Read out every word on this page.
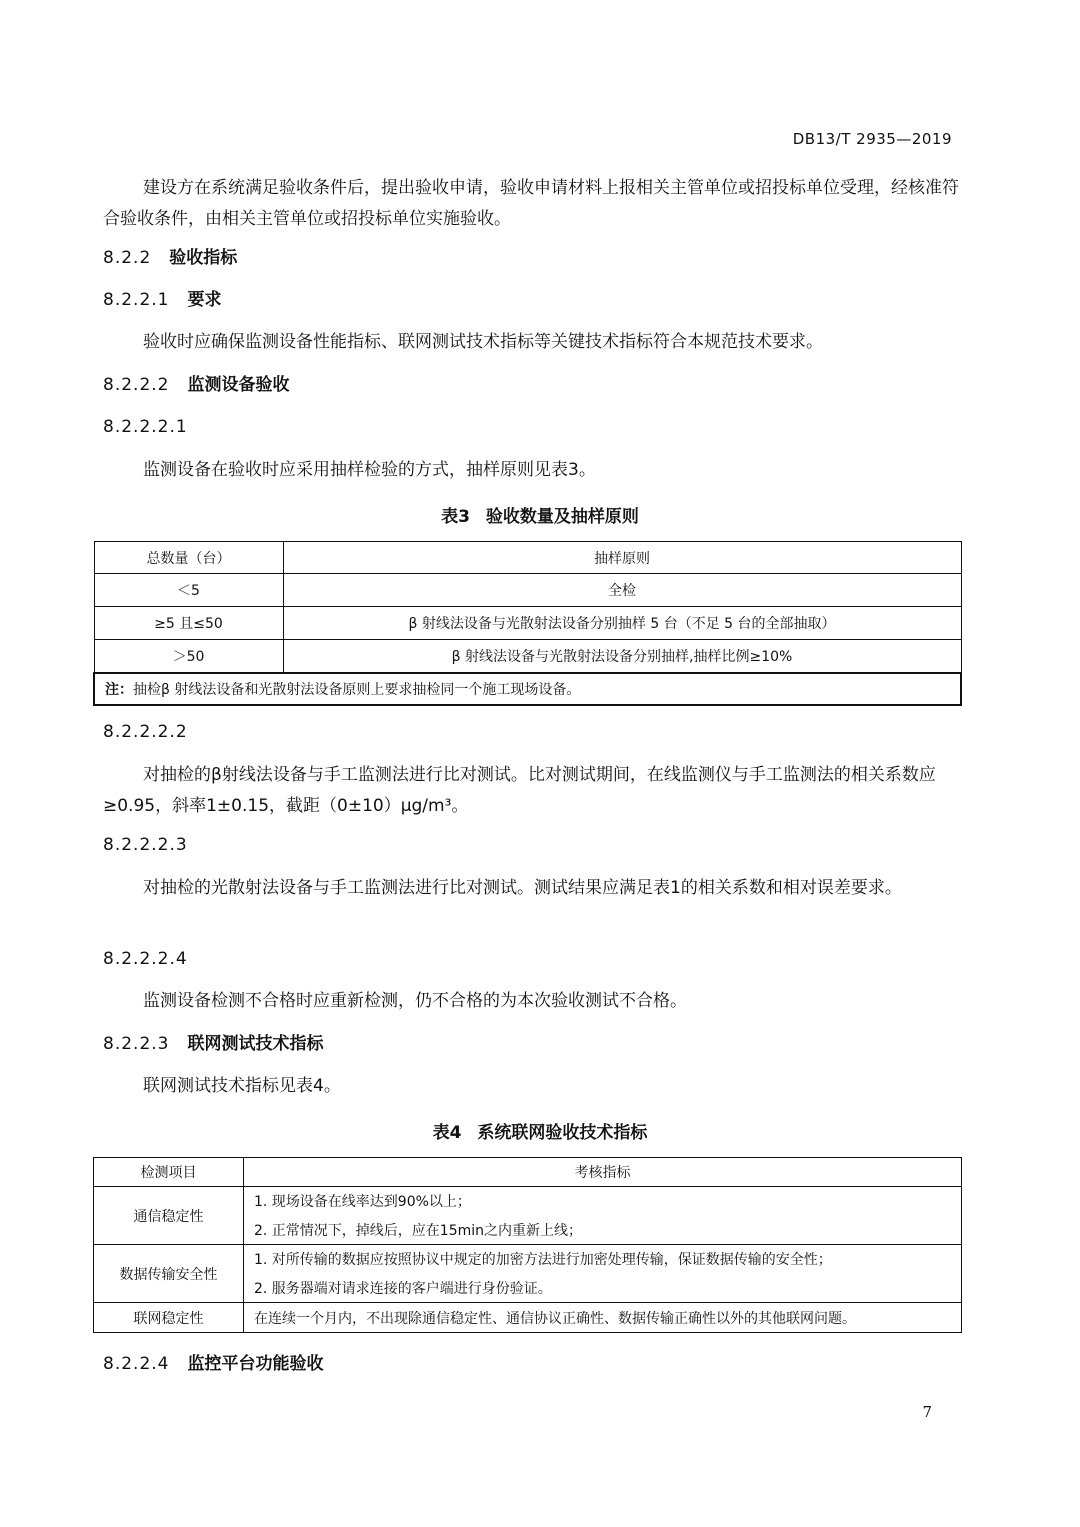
DB13/T 2935—2019
建设方在系统满足验收条件后，提出验收申请，验收申请材料上报相关主管单位或招投标单位受理，经核准符合验收条件，由相关主管单位或招投标单位实施验收。
8.2.2 验收指标
8.2.2.1 要求
验收时应确保监测设备性能指标、联网测试技术指标等关键技术指标符合本规范技术要求。
8.2.2.2 监测设备验收
8.2.2.2.1
监测设备在验收时应采用抽样检验的方式，抽样原则见表3。
表3 验收数量及抽样原则
总数量（台）	抽样原则
＜5	全检
≥5 且≤50	β 射线法设备与光散射法设备分别抽样 5 台（不足 5 台的全部抽取）
＞50	β 射线法设备与光散射法设备分别抽样,抽样比例≥10%
注：抽检β 射线法设备和光散射法设备原则上要求抽检同一个施工现场设备。	
8.2.2.2.2
对抽检的β射线法设备与手工监测法进行比对测试。比对测试期间，在线监测仪与手工监测法的相关系数应≥0.95，斜率1±0.15，截距（0±10）μg/m³。
8.2.2.2.3
对抽检的光散射法设备与手工监测法进行比对测试。测试结果应满足表1的相关系数和相对误差要求。
8.2.2.2.4
监测设备检测不合格时应重新检测，仍不合格的为本次验收测试不合格。
8.2.2.3 联网测试技术指标
联网测试技术指标见表4。
表4 系统联网验收技术指标
检测项目	考核指标
通信稳定性	1. 现场设备在线率达到90%以上；
	2. 正常情况下，掉线后，应在15min之内重新上线；
数据传输安全性	1. 对所传输的数据应按照协议中规定的加密方法进行加密处理传输，保证数据传输的安全性；
	2. 服务器端对请求连接的客户端进行身份验证。
联网稳定性	在连续一个月内，不出现除通信稳定性、通信协议正确性、数据传输正确性以外的其他联网问题。
8.2.2.4 监控平台功能验收
7
